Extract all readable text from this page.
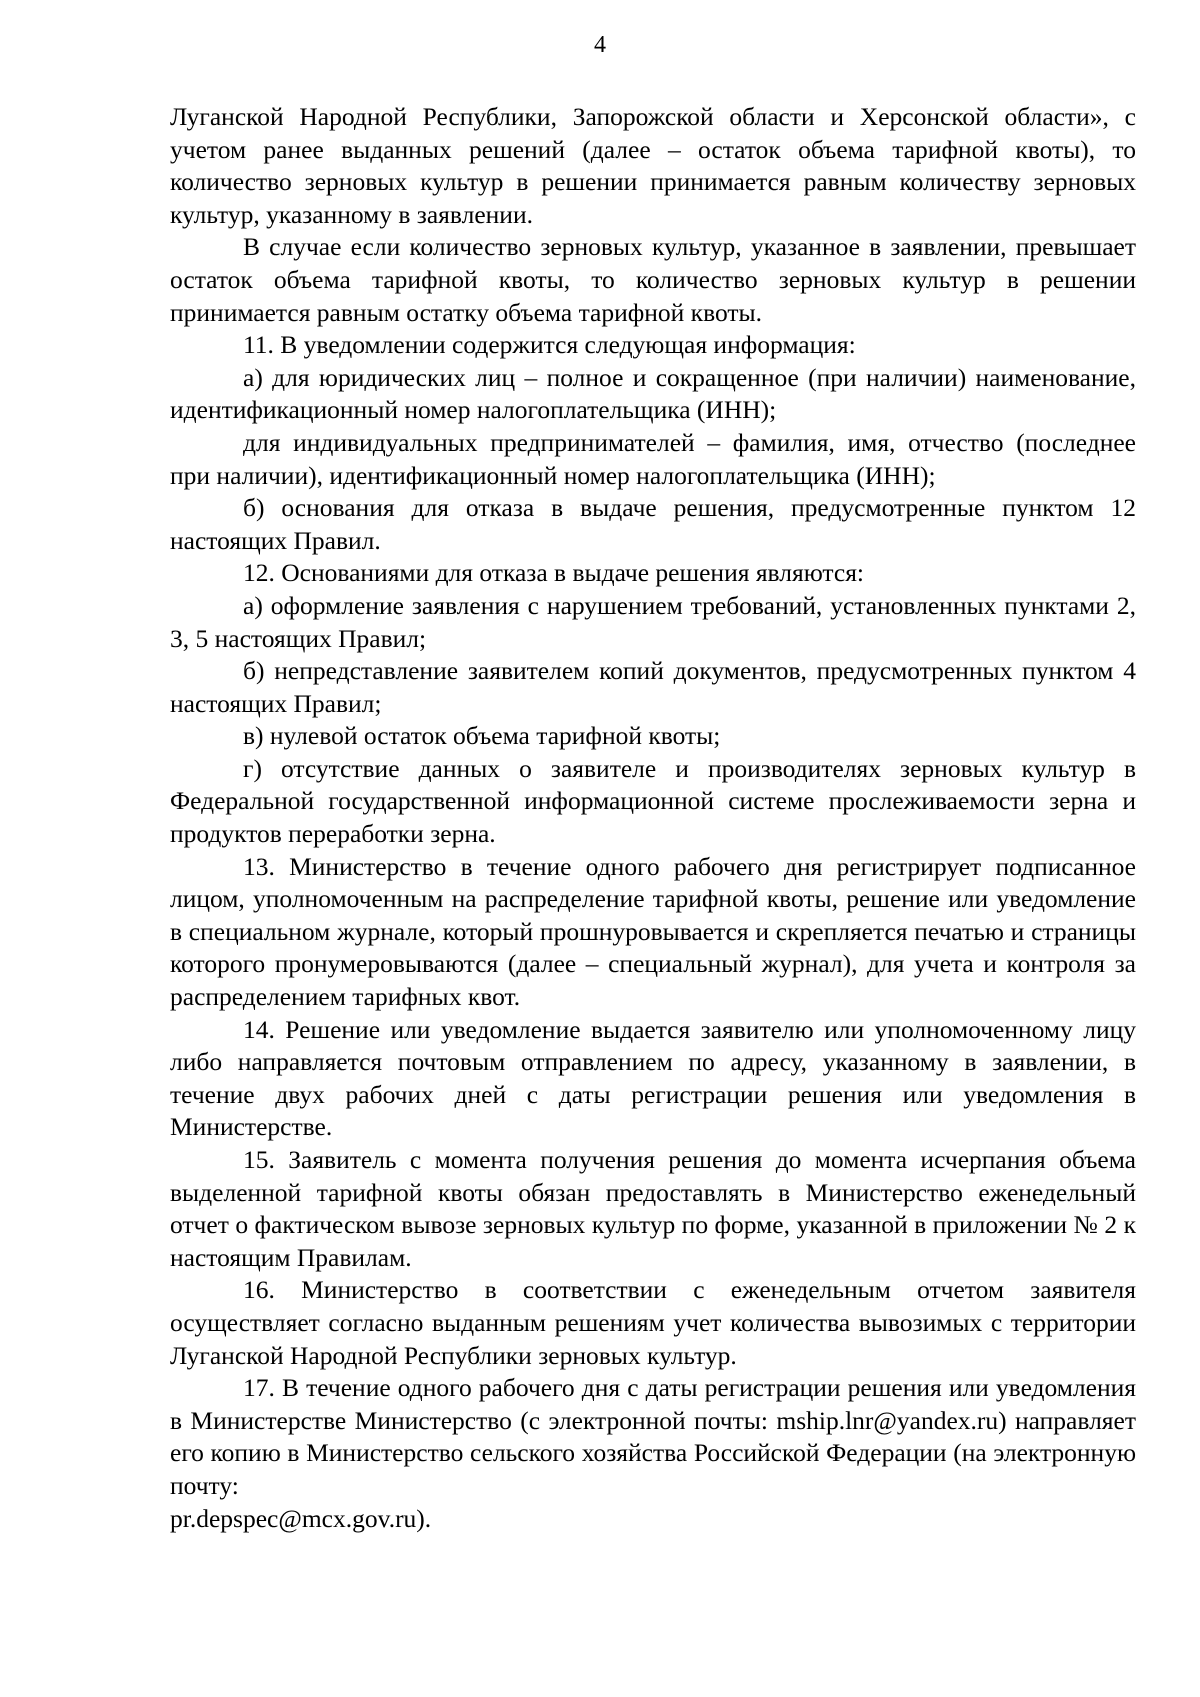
4

Луганской Народной Республики, Запорожской области и Херсонской области», с учетом ранее выданных решений (далее – остаток объема тарифной квоты), то количество зерновых культур в решении принимается равным количеству зерновых культур, указанному в заявлении.

В случае если количество зерновых культур, указанное в заявлении, превышает остаток объема тарифной квоты, то количество зерновых культур в решении принимается равным остатку объема тарифной квоты.

11. В уведомлении содержится следующая информация:

а) для юридических лиц – полное и сокращенное (при наличии) наименование, идентификационный номер налогоплательщика (ИНН);

для индивидуальных предпринимателей – фамилия, имя, отчество (последнее при наличии), идентификационный номер налогоплательщика (ИНН);

б) основания для отказа в выдаче решения, предусмотренные пунктом 12 настоящих Правил.

12. Основаниями для отказа в выдаче решения являются:

а) оформление заявления с нарушением требований, установленных пунктами 2, 3, 5 настоящих Правил;

б) непредставление заявителем копий документов, предусмотренных пунктом 4 настоящих Правил;

в) нулевой остаток объема тарифной квоты;

г) отсутствие данных о заявителе и производителях зерновых культур в Федеральной государственной информационной системе прослеживаемости зерна и продуктов переработки зерна.

13. Министерство в течение одного рабочего дня регистрирует подписанное лицом, уполномоченным на распределение тарифной квоты, решение или уведомление в специальном журнале, который прошнуровывается и скрепляется печатью и страницы которого пронумеровываются (далее – специальный журнал), для учета и контроля за распределением тарифных квот.

14. Решение или уведомление выдается заявителю или уполномоченному лицу либо направляется почтовым отправлением по адресу, указанному в заявлении, в течение двух рабочих дней с даты регистрации решения или уведомления в Министерстве.

15. Заявитель с момента получения решения до момента исчерпания объема выделенной тарифной квоты обязан предоставлять в Министерство еженедельный отчет о фактическом вывозе зерновых культур по форме, указанной в приложении № 2 к настоящим Правилам.

16. Министерство в соответствии с еженедельным отчетом заявителя осуществляет согласно выданным решениям учет количества вывозимых с территории Луганской Народной Республики зерновых культур.

17. В течение одного рабочего дня с даты регистрации решения или уведомления в Министерстве Министерство (с электронной почты: mship.lnr@yandex.ru) направляет его копию в Министерство сельского хозяйства Российской Федерации (на электронную почту:

pr.depspec@mcx.gov.ru).
